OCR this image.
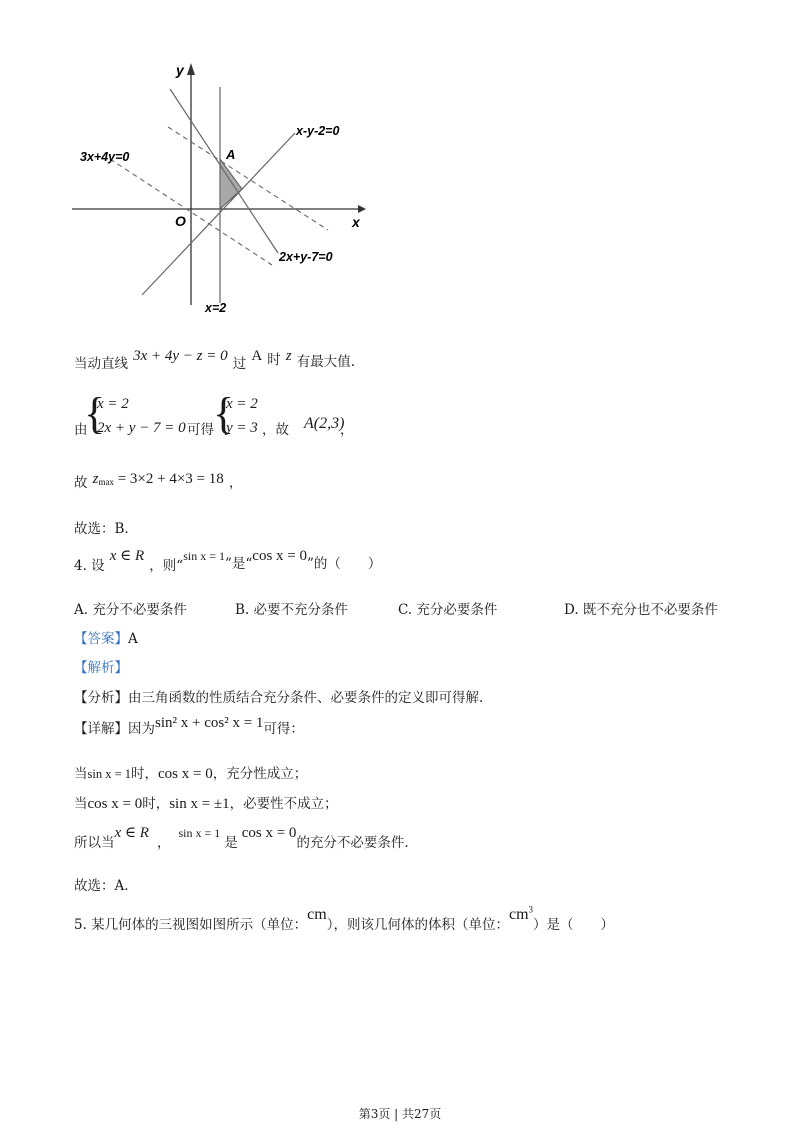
y
x
O
A
x-y-2=0
3x+4y=0
2x+y-7=0
x=2
$_{当动直线}$ 3x + 4y − z = 0 $_过$ A $_时$ z $_{有最大值.}$
由
{
x = 2
2x + y − 7 = 0 可得 {
x = 2
y = 3 ，故 A(2,3)
，
$_故$ zmax = 3×2 + 4×3 = 18 $_,$
故选：B.
$_{4. 设}$ x ∈ R $_{,则“}$sin $x = 1_{”是“}\cos$ $x = 0_{”的( )}$
A. 充分不必要条件	B. 必要不充分条件	C. 充分必要条件	D. 既不充分也不必要条件
【答案】A
【解析】
【分析】由三角函数的性质结合充分条件、必要条件的定义即可得解.
$_{【详解】因为}$sin² x + cos² $x = 1_{可得:}$
当sin x = 1时，cos x = 0，充分性成立；
当cos x = 0时，sin x = ±1，必要性不成立；
$_{所以当}$x ∈ $R_,\sin$ $x = 1_是\cos$ $x = 0_{的充分不必要条件.}$
故选：A.
$_{5. 某几何体的三视图如图所示(单位:}cm_{),则该几何体的体积(单位:}cm^3_{)是( )}$
第3页 | 共27页
